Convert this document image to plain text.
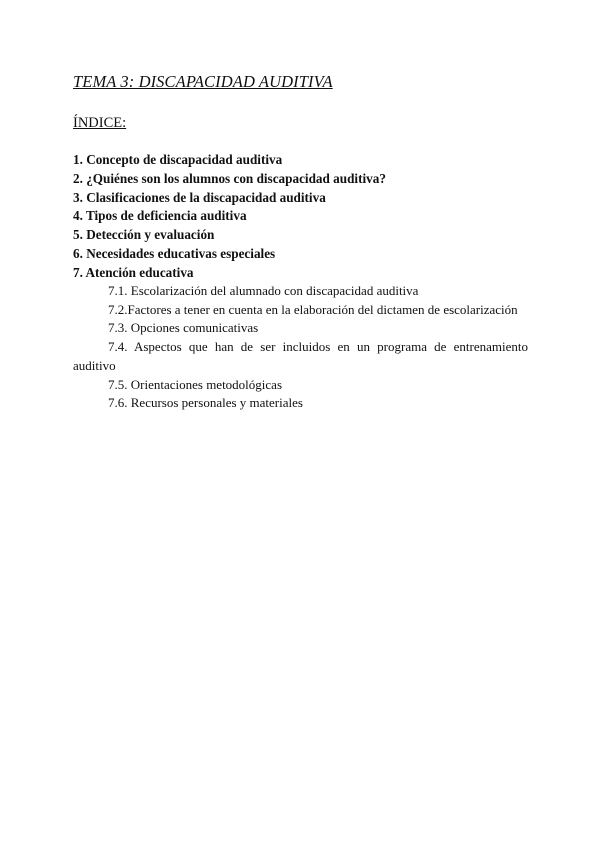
TEMA 3: DISCAPACIDAD AUDITIVA
ÍNDICE:
1. Concepto de discapacidad auditiva
2. ¿Quiénes son los alumnos con discapacidad auditiva?
3. Clasificaciones de la discapacidad auditiva
4. Tipos de deficiencia auditiva
5. Detección y evaluación
6. Necesidades educativas especiales
7. Atención educativa
7.1. Escolarización del alumnado con discapacidad auditiva
7.2.Factores a tener en cuenta en la elaboración del dictamen de escolarización
7.3. Opciones comunicativas
7.4. Aspectos que han de ser incluidos en un programa de entrenamiento auditivo
7.5. Orientaciones metodológicas
7.6. Recursos personales y materiales
